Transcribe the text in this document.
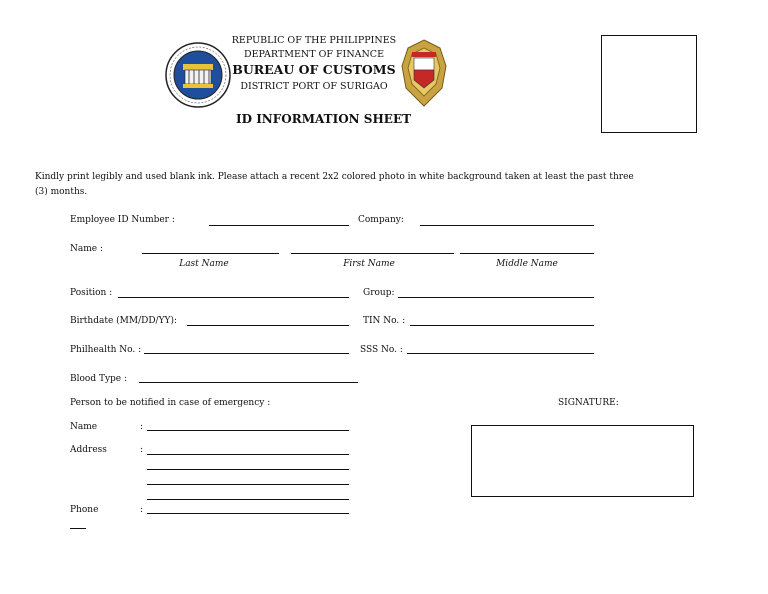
REPUBLIC OF THE PHILIPPINES
DEPARTMENT OF FINANCE
BUREAU OF CUSTOMS
DISTRICT PORT OF SURIGAO
ID INFORMATION SHEET
Kindly print legibly and used blank ink. Please attach a recent 2x2 colored photo in white background taken at least the past three
(3) months.
Employee ID Number :	Company:
Name :
Last Name	First Name	Middle Name
Position :	Group:
Birthdate (MM/DD/YY):	TIN No. :
Philhealth No. :	SSS No. :
Blood Type :
Person to be notified in case of emergency :
Name	:
Address	:
Phone	:
SIGNATURE:
